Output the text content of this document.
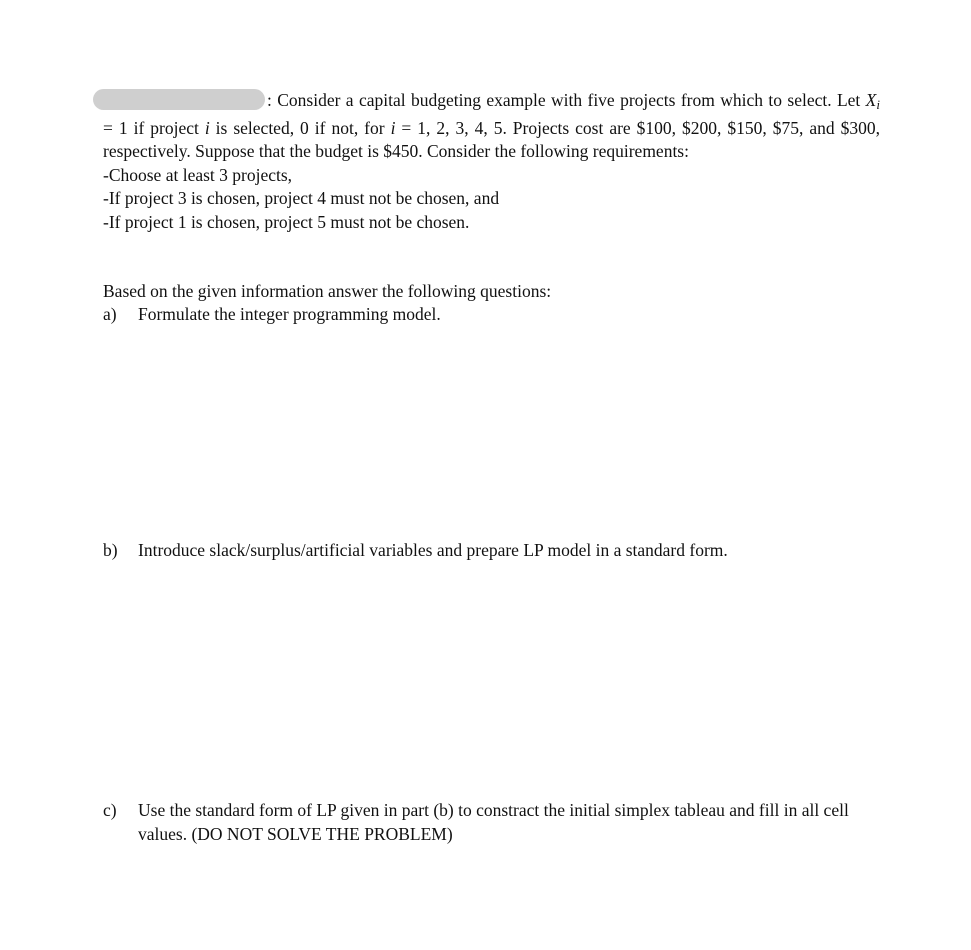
: Consider a capital budgeting example with five projects from which to select. Let $X_i = 1$ if project i is selected, 0 if not, for i = 1, 2, 3, 4, 5. Projects cost are $100, $200, $150, $75, and $300, respectively. Suppose that the budget is $450. Consider the following requirements:

-Choose at least 3 projects,

-If project 3 is chosen, project 4 must not be chosen, and

-If project 1 is chosen, project 5 must not be chosen.

Based on the given information answer the following questions:

a)	Formulate the integer programming model.
b)	Introduce slack/surplus/artificial variables and prepare LP model in a standard form.
c)	Use the standard form of LP given in part (b) to constract the initial simplex tableau and fill in all cell values. (DO NOT SOLVE THE PROBLEM)
